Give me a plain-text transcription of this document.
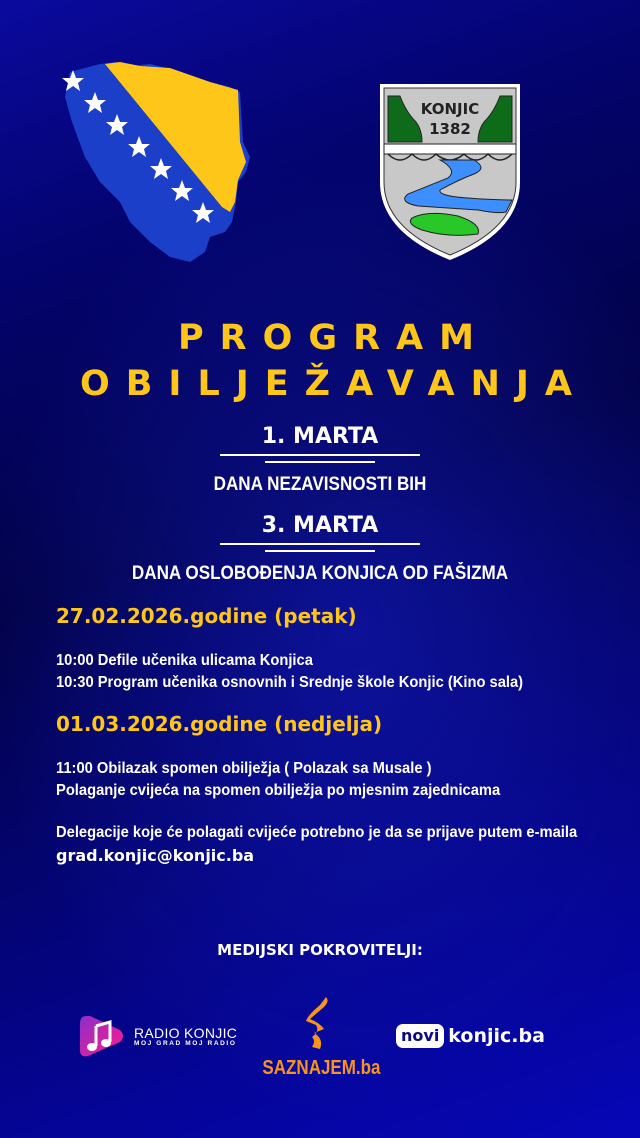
KONJIC
1382
PROGRAM
OBILJEŽAVANJA
1. MARTA
DANA NEZAVISNOSTI BIH
3. MARTA
DANA OSLOBOĐENJA KONJICA OD FAŠIZMA
27.02.2026.godine (petak)
10:00 Defile učenika ulicama Konjica
10:30 Program učenika osnovnih i Srednje škole Konjic (Kino sala)
01.03.2026.godine (nedjelja)
11:00 Obilazak spomen obilježja ( Polazak sa Musale )
Polaganje cvijeća na spomen obilježja po mjesnim zajednicama
Delegacije koje će polagati cvijeće potrebno je da se prijave putem e-maila
grad.konjic@konjic.ba
MEDIJSKI POKROVITELJI:
RADIO KONJIC
MOJ GRAD MOJ RADIO
SAZNAJEM.ba
novi konjic.ba
